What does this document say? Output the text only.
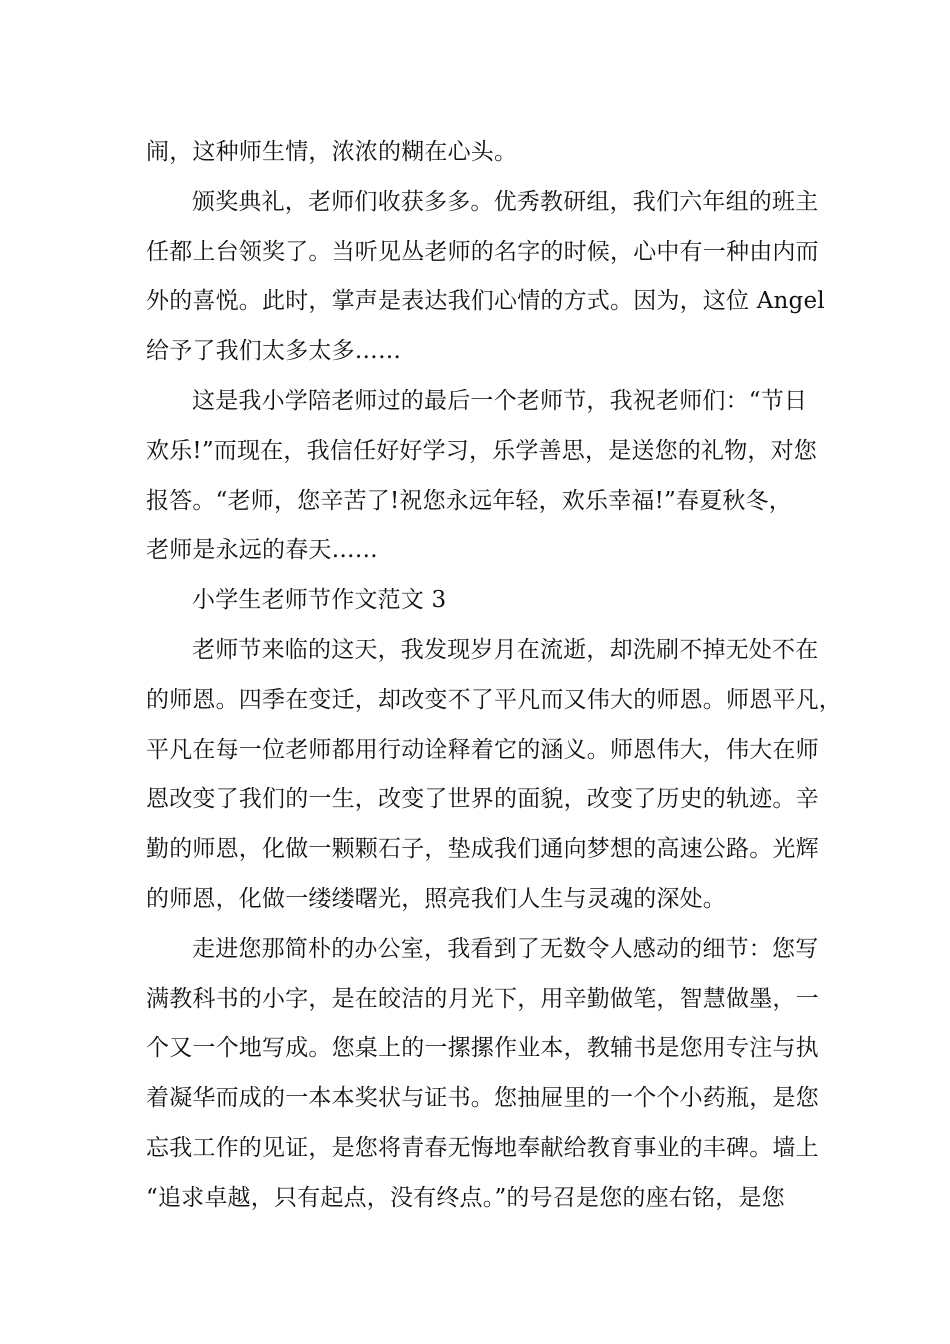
闹，这种师生情，浓浓的糊在心头。
颁奖典礼，老师们收获多多。优秀教研组，我们六年组的班主
任都上台领奖了。当听见丛老师的名字的时候，心中有一种由内而
外的喜悦。此时，掌声是表达我们心情的方式。因为，这位 Angel
给予了我们太多太多……
这是我小学陪老师过的最后一个老师节，我祝老师们：“节日
欢乐!”而现在，我信任好好学习，乐学善思，是送您的礼物，对您
报答。“老师，您辛苦了!祝您永远年轻，欢乐幸福!”春夏秋冬，
老师是永远的春天……
小学生老师节作文范文 3
老师节来临的这天，我发现岁月在流逝，却洗刷不掉无处不在
的师恩。四季在变迁，却改变不了平凡而又伟大的师恩。师恩平凡，
平凡在每一位老师都用行动诠释着它的涵义。师恩伟大，伟大在师
恩改变了我们的一生，改变了世界的面貌，改变了历史的轨迹。辛
勤的师恩，化做一颗颗石子，垫成我们通向梦想的高速公路。光辉
的师恩，化做一缕缕曙光，照亮我们人生与灵魂的深处。
走进您那简朴的办公室，我看到了无数令人感动的细节：您写
满教科书的小字，是在皎洁的月光下，用辛勤做笔，智慧做墨，一
个又一个地写成。您桌上的一摞摞作业本，教辅书是您用专注与执
着凝华而成的一本本奖状与证书。您抽屉里的一个个小药瓶，是您
忘我工作的见证，是您将青春无悔地奉献给教育事业的丰碑。墙上
“追求卓越，只有起点，没有终点。”的号召是您的座右铭，是您
